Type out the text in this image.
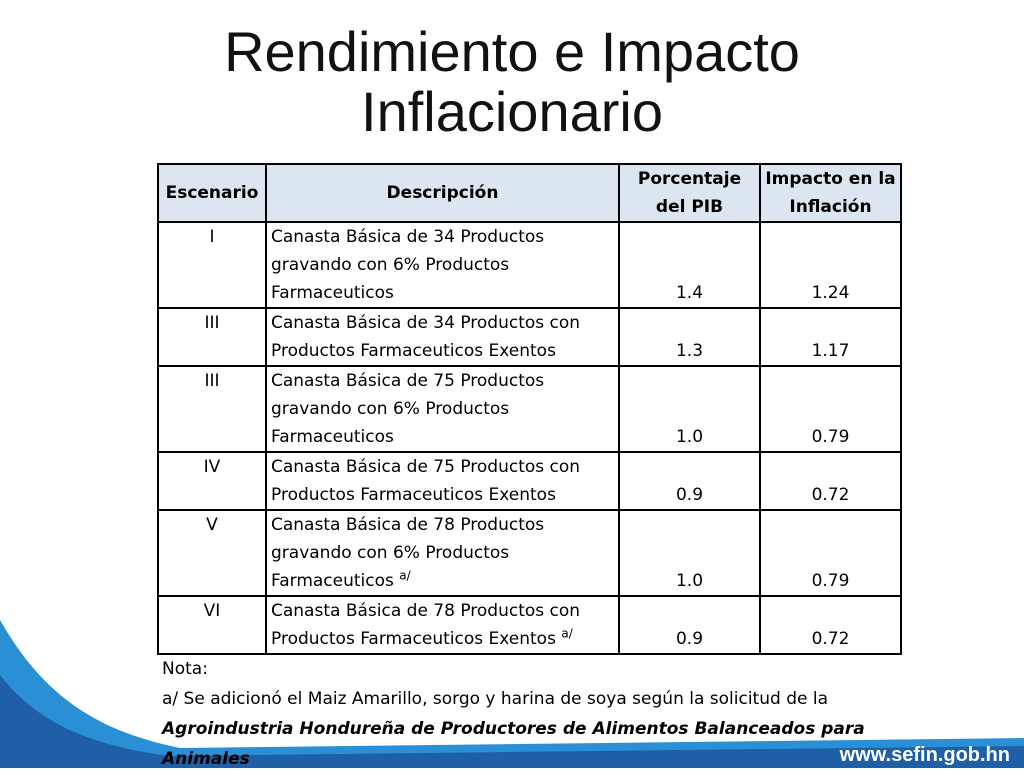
Rendimiento e Impacto
Inflacionario
Escenario	Descripción	Porcentaje del PIB	Impacto en la Inflación
I	Canasta Básica de 34 Productos gravando con 6% Productos Farmaceuticos	1.4	1.24
III	Canasta Básica de 34 Productos con Productos Farmaceuticos Exentos	1.3	1.17
III	Canasta Básica de 75 Productos gravando con 6% Productos Farmaceuticos	1.0	0.79
IV	Canasta Básica de 75 Productos con Productos Farmaceuticos Exentos	0.9	0.72
V	Canasta Básica de 78 Productos gravando con 6% Productos Farmaceuticos $^{a/}$	1.0	0.79
VI	Canasta Básica de 78 Productos con Productos Farmaceuticos Exentos $^{a/}$	0.9	0.72
Nota:
a/ Se adicionó el Maiz Amarillo, sorgo y harina de soya según la solicitud de la
Agroindustria Hondureña de Productores de Alimentos Balanceados para Animales	www.sefin.gob.hn
